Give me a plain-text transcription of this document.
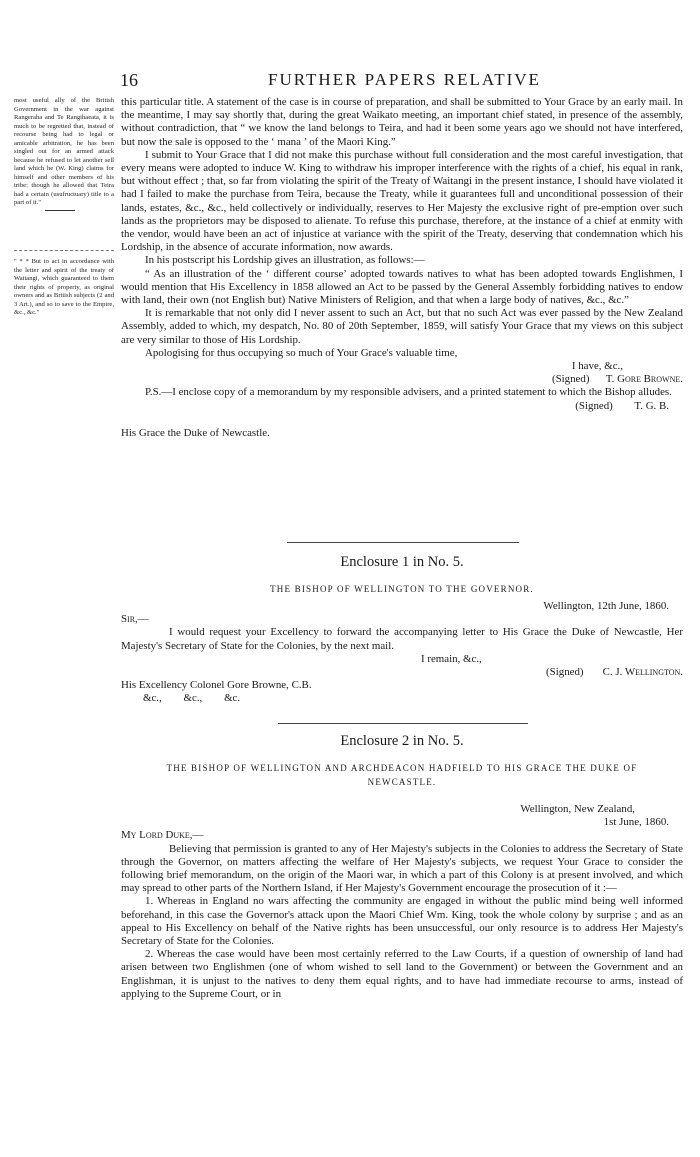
16	FURTHER PAPERS RELATIVE
most useful ally of the British Government in the war against Rangeraha and Te Rangihaeata, it is much to be regretted that, instead of recourse being had to legal or amicable arbitration, he has been singled out for an armed attack because he refused to let another sell land which he (W. King) claims for himself and other members of his tribe: though he allowed that Teira had a certain (usufructuary) title to a part of it."
" * * But to act in accordance with the letter and spirit of the treaty of Waitangi, which guaranteed to them their rights of property, as original owners and as British subjects (2 and 3 Art.), and so to save to the Empire, &c., &c."

this particular title. A statement of the case is in course of preparation, and shall be submitted to Your Grace by an early mail. In the meantime, I may say shortly that, during the great Waikato meeting, an important chief stated, in presence of the assembly, without contradiction, that “ we know the land belongs to Teira, and had it been some years ago we should not have interfered, but now the sale is opposed to the ‘ mana ’ of the Maori King.”

I submit to Your Grace that I did not make this purchase without full consideration and the most careful investigation, that every means were adopted to induce W. King to withdraw his improper interference with the rights of a chief, his equal in rank, but without effect ; that, so far from violating the spirit of the Treaty of Waitangi in the present instance, I should have violated it had I failed to make the purchase from Teira, because the Treaty, while it guarantees full and unconditional possession of their lands, estates, &c., &c., held collectively or individually, reserves to Her Majesty the exclusive right of pre-emption over such lands as the proprietors may be disposed to alienate. To refuse this purchase, therefore, at the instance of a chief at enmity with the vendor, would have been an act of injustice at variance with the spirit of the Treaty, deserving that condemnation which his Lordship, in the absence of accurate information, now awards.

In his postscript his Lordship gives an illustration, as follows:—

“ As an illustration of the ‘ different course’ adopted towards natives to what has been adopted towards Englishmen, I would mention that His Excellency in 1858 allowed an Act to be passed by the General Assembly forbidding natives to endow with land, their own (not English but) Native Ministers of Religion, and that when a large body of natives, &c., &c.”

It is remarkable that not only did I never assent to such an Act, but that no such Act was ever passed by the New Zealand Assembly, added to which, my despatch, No. 80 of 20th September, 1859, will satisfy Your Grace that my views on this subject are very similar to those of His Lordship.

Apologising for thus occupying so much of Your Grace's valuable time,

I have, &c.,

(Signed) T. Gore Browne.

P.S.—I enclose copy of a memorandum by my responsible advisers, and a printed statement to which the Bishop alludes.

(Signed) T. G. B.

His Grace the Duke of Newcastle.

Enclosure 1 in No. 5.
THE BISHOP OF WELLINGTON TO THE GOVERNOR.

Wellington, 12th June, 1860.

Sir,—

I would request your Excellency to forward the accompanying letter to His Grace the Duke of Newcastle, Her Majesty's Secretary of State for the Colonies, by the next mail.

I remain, &c.,

(Signed) C. J. Wellington.

His Excellency Colonel Gore Browne, C.B.

&c.,        &c.,        &c.

Enclosure 2 in No. 5.
THE BISHOP OF WELLINGTON AND ARCHDEACON HADFIELD TO HIS GRACE THE DUKE OF
NEWCASTLE.

Wellington, New Zealand,

1st June, 1860.

My Lord Duke,—

Believing that permission is granted to any of Her Majesty's subjects in the Colonies to address the Secretary of State through the Governor, on matters affecting the welfare of Her Majesty's subjects, we request Your Grace to consider the following brief memorandum, on the origin of the Maori war, in which a part of this Colony is at present involved, and which may spread to other parts of the Northern Island, if Her Majesty's Government encourage the prosecution of it :—

1. Whereas in England no wars affecting the community are engaged in without the public mind being well informed beforehand, in this case the Governor's attack upon the Maori Chief Wm. King, took the whole colony by surprise ; and as an appeal to His Excellency on behalf of the Native rights has been unsuccessful, our only resource is to address Her Majesty's Secretary of State for the Colonies.

2. Whereas the case would have been most certainly referred to the Law Courts, if a question of ownership of land had arisen between two Englishmen (one of whom wished to sell land to the Government) or between the Government and an Englishman, it is unjust to the natives to deny them equal rights, and to have had immediate recourse to arms, instead of applying to the Supreme Court, or in
